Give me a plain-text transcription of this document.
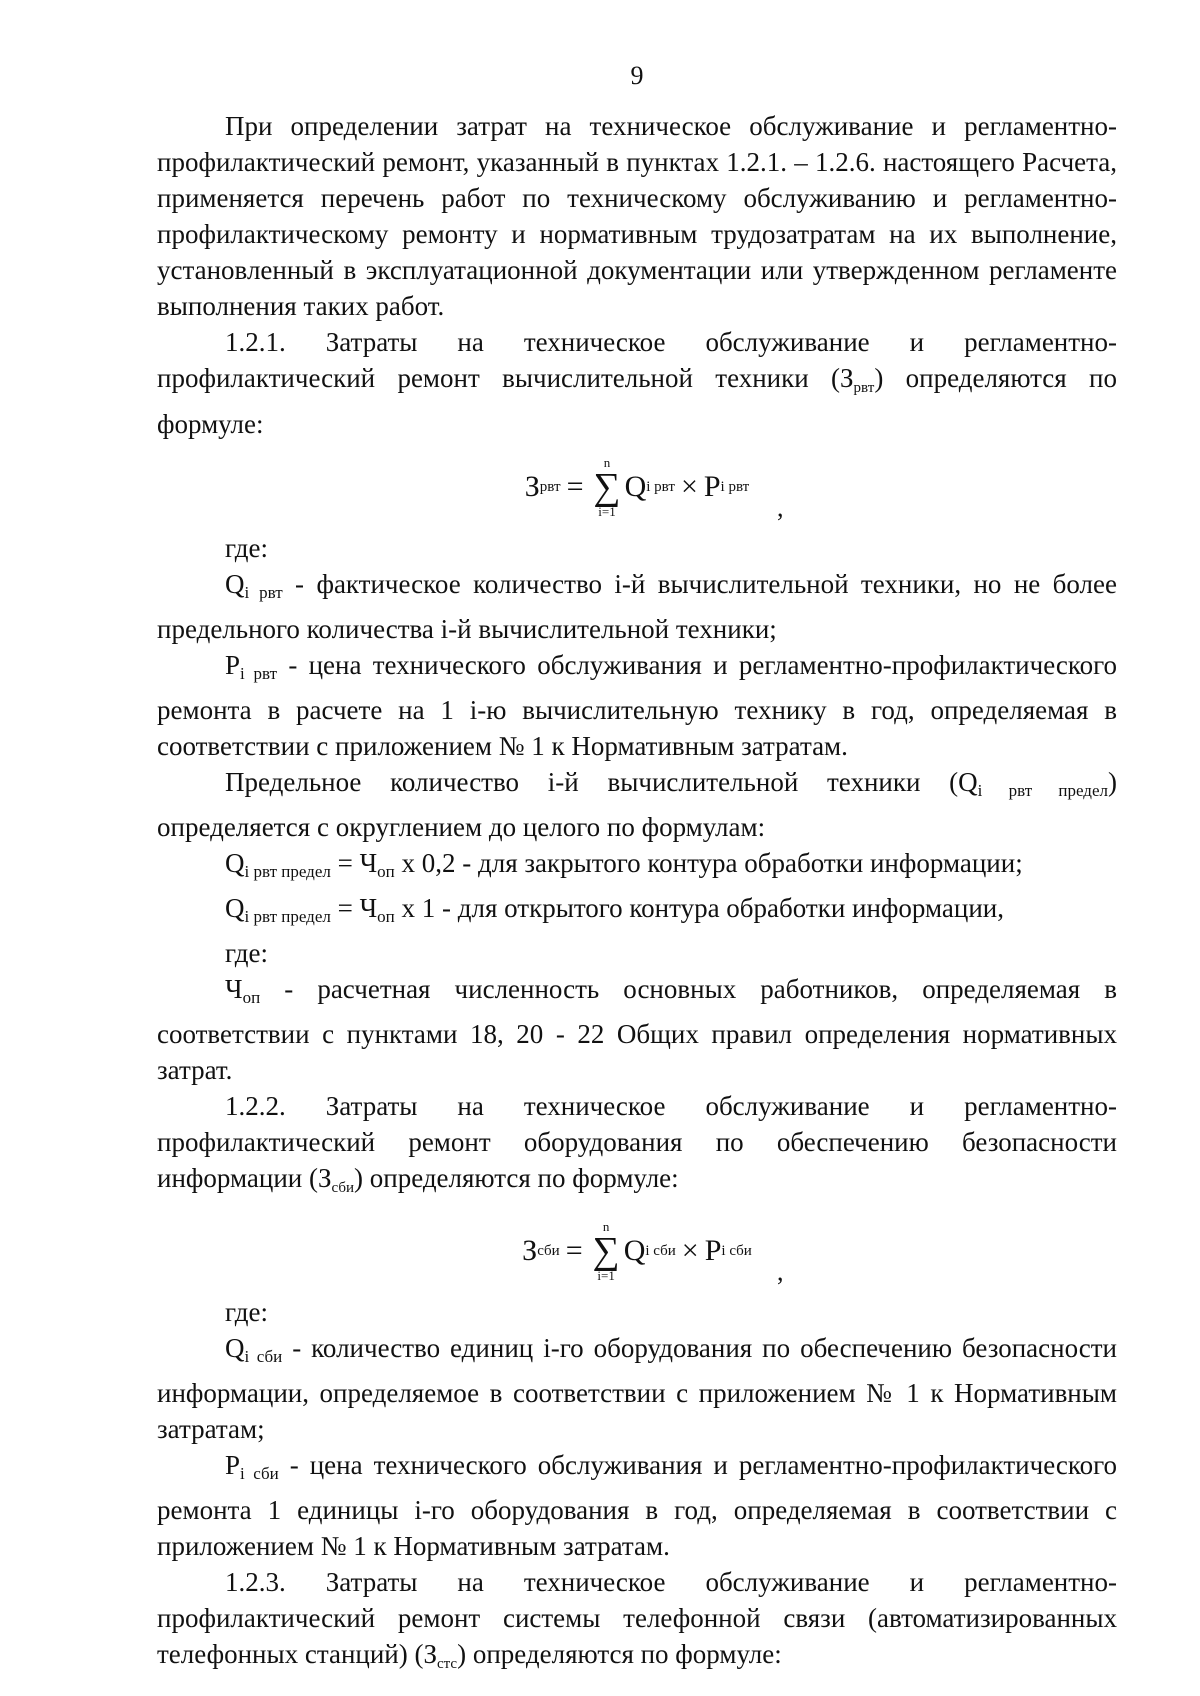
9

При определении затрат на техническое обслуживание и регламентно-профилактический ремонт, указанный в пунктах 1.2.1. – 1.2.6. настоящего Расчета, применяется перечень работ по техническому обслуживанию и регламентно-профилактическому ремонту и нормативным трудозатратам на их выполнение, установленный в эксплуатационной документации или утвержденном регламенте выполнения таких работ.

1.2.1. Затраты на техническое обслуживание и регламентно-профилактический ремонт вычислительной техники $(З_{рвт})$ определяются по формуле:

З рвт =
n
∑
i=1
Q i рвт × P i рвт
,

где:

Qi рвт - фактическое количество i-й вычислительной техники, но не более предельного количества i-й вычислительной техники;

Pi рвт - цена технического обслуживания и регламентно-профилактического ремонта в расчете на 1 i-ю вычислительную технику в год, определяемая в соответствии с приложением № 1 к Нормативным затратам.

Предельное количество i-й вычислительной техники (Qi рвт предел) определяется с округлением до целого по формулам:

Qi рвт предел = Чоп х 0,2 - для закрытого контура обработки информации;

Qi рвт предел = Чоп х 1 - для открытого контура обработки информации,

где:

Чоп - расчетная численность основных работников, определяемая в соответствии с пунктами 18, 20 - 22 Общих правил определения нормативных затрат.

1.2.2. Затраты на техническое обслуживание и регламентно-профилактический ремонт оборудования по обеспечению безопасности информации $(З_{сби})$ определяются по формуле:

З сби =
n
∑
i=1
Q i сби × P i сби
,

где:

Qi сби - количество единиц i-го оборудования по обеспечению безопасности информации, определяемое в соответствии с приложением № 1 к Нормативным затратам;

Pi сби - цена технического обслуживания и регламентно-профилактического ремонта 1 единицы i-го оборудования в год, определяемая в соответствии с приложением № 1 к Нормативным затратам.

1.2.3. Затраты на техническое обслуживание и регламентно-профилактический ремонт системы телефонной связи (автоматизированных телефонных станций) $(З_{стс})$ определяются по формуле:
